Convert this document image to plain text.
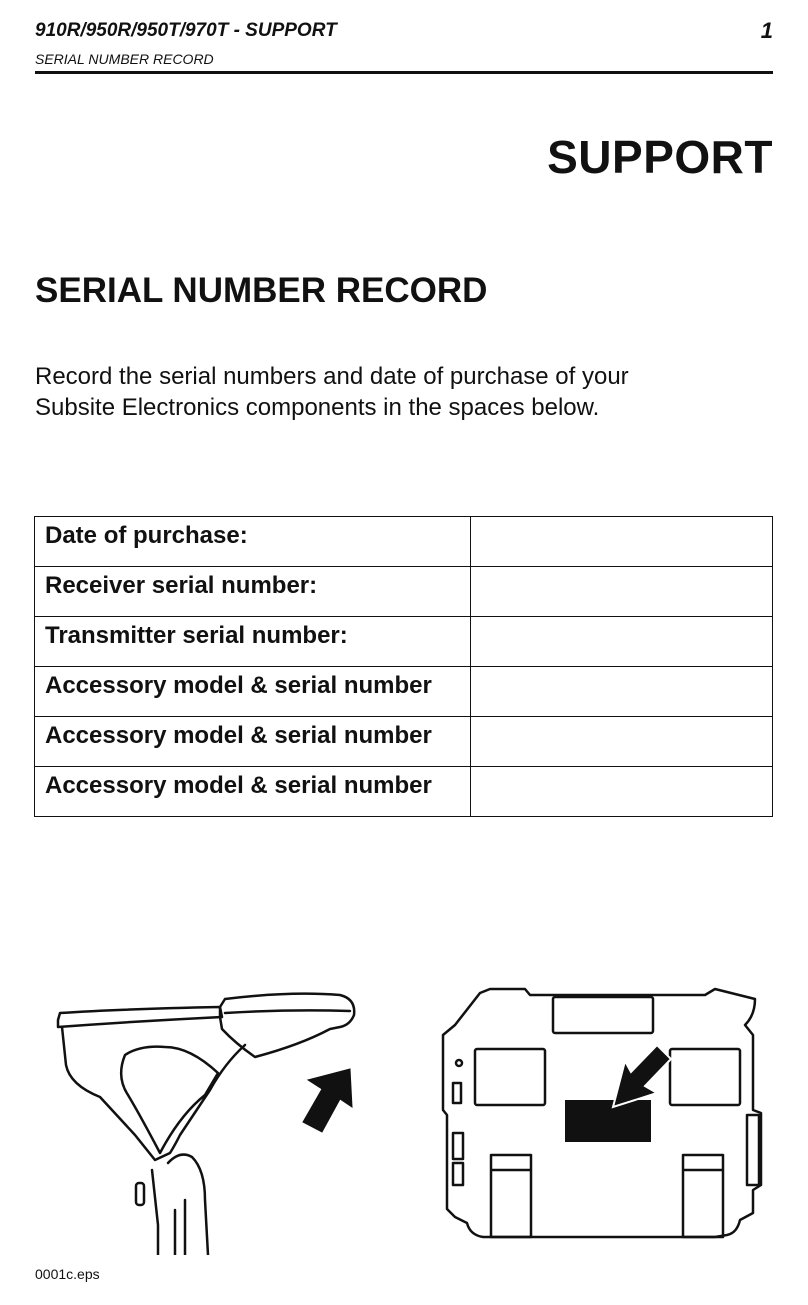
910R/950R/950T/970T - SUPPORT
SERIAL NUMBER RECORD
1
SUPPORT
SERIAL NUMBER RECORD
Record the serial numbers and date of purchase of your
Subsite Electronics components in the spaces below.
Date of purchase:	
Receiver serial number:	
Transmitter serial number:	
Accessory model & serial number	
Accessory model & serial number	
Accessory model & serial number	
0001c.eps
